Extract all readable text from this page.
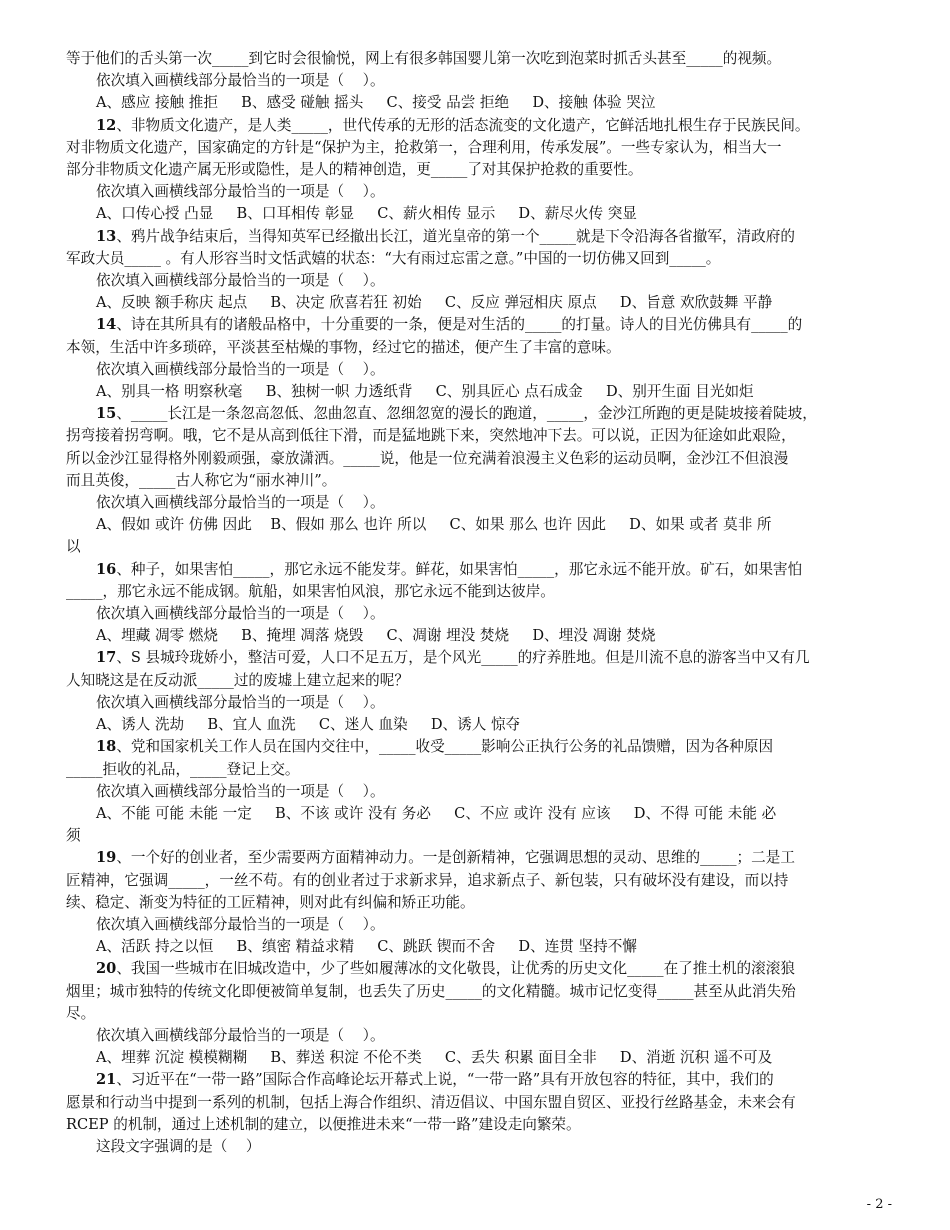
等于他们的舌头第一次_____到它时会很愉悦，网上有很多韩国婴儿第一次吃到泡菜时抓舌头甚至_____的视频。
依次填入画横线部分最恰当的一项是（    ）。
A、感应 接触 推拒     B、感受 碰触 摇头     C、接受 品尝 拒绝     D、接触 体验 哭泣
12、非物质文化遗产，是人类_____，世代传承的无形的活态流变的文化遗产，它鲜活地扎根生存于民族民间。
对非物质文化遗产，国家确定的方针是“保护为主，抢救第一，合理利用，传承发展”。一些专家认为，相当大一
部分非物质文化遗产属无形或隐性，是人的精神创造，更_____了对其保护抢救的重要性。
依次填入画横线部分最恰当的一项是（    ）。
A、口传心授 凸显     B、口耳相传 彰显     C、薪火相传 显示     D、薪尽火传 突显
13、鸦片战争结束后，当得知英军已经撤出长江，道光皇帝的第一个_____就是下令沿海各省撤军，清政府的
军政大员_____ 。有人形容当时文恬武嬉的状态：“大有雨过忘雷之意。”中国的一切仿佛又回到_____。
依次填入画横线部分最恰当的一项是（    ）。
A、反映 额手称庆 起点     B、决定 欣喜若狂 初始     C、反应 弹冠相庆 原点     D、旨意 欢欣鼓舞 平静
14、诗在其所具有的诸般品格中，十分重要的一条，便是对生活的_____的打量。诗人的目光仿佛具有_____的
本领，生活中许多琐碎，平淡甚至枯燥的事物，经过它的描述，便产生了丰富的意味。
依次填入画横线部分最恰当的一项是（    ）。
A、别具一格 明察秋毫     B、独树一帜 力透纸背     C、别具匠心 点石成金     D、别开生面 目光如炬
15、_____长江是一条忽高忽低、忽曲忽直、忽细忽宽的漫长的跑道，_____，金沙江所跑的更是陡坡接着陡坡，
拐弯接着拐弯啊。哦，它不是从高到低往下滑，而是猛地跳下来，突然地冲下去。可以说，正因为征途如此艰险，
所以金沙江显得格外刚毅顽强，豪放潇洒。_____说，他是一位充满着浪漫主义色彩的运动员啊，金沙江不但浪漫
而且英俊，_____古人称它为“丽水神川”。
依次填入画横线部分最恰当的一项是（    ）。
A、假如 或许 仿佛 因此    B、假如 那么 也许 所以     C、如果 那么 也许 因此     D、如果 或者 莫非 所
以
16、种子，如果害怕_____，那它永远不能发芽。鲜花，如果害怕_____，那它永远不能开放。矿石，如果害怕
_____，那它永远不能成钢。航船，如果害怕风浪，那它永远不能到达彼岸。
依次填入画横线部分最恰当的一项是（    ）。
A、埋藏 凋零 燃烧     B、掩埋 凋落 烧毁     C、凋谢 埋没 焚烧     D、埋没 凋谢 焚烧
17、S 县城玲珑娇小，整洁可爱，人口不足五万，是个风光_____的疗养胜地。但是川流不息的游客当中又有几
人知晓这是在反动派_____过的废墟上建立起来的呢？
依次填入画横线部分最恰当的一项是（    ）。
A、诱人 洗劫     B、宜人 血洗     C、迷人 血染     D、诱人 惊夺
18、党和国家机关工作人员在国内交往中，_____收受_____影响公正执行公务的礼品馈赠，因为各种原因
_____拒收的礼品，_____登记上交。
依次填入画横线部分最恰当的一项是（    ）。
A、不能 可能 未能 一定     B、不该 或许 没有 务必     C、不应 或许 没有 应该     D、不得 可能 未能 必
须
19、一个好的创业者，至少需要两方面精神动力。一是创新精神，它强调思想的灵动、思维的_____；二是工
匠精神，它强调_____，一丝不苟。有的创业者过于求新求异，追求新点子、新包装，只有破坏没有建设，而以持
续、稳定、渐变为特征的工匠精神，则对此有纠偏和矫正功能。
依次填入画横线部分最恰当的一项是（    ）。
A、活跃 持之以恒     B、缜密 精益求精     C、跳跃 锲而不舍     D、连贯 坚持不懈
20、我国一些城市在旧城改造中，少了些如履薄冰的文化敬畏，让优秀的历史文化_____在了推土机的滚滚狼
烟里；城市独特的传统文化即便被简单复制，也丢失了历史_____的文化精髓。城市记忆变得_____甚至从此消失殆
尽。
依次填入画横线部分最恰当的一项是（    ）。
A、埋葬 沉淀 模模糊糊     B、葬送 积淀 不伦不类     C、丢失 积累 面目全非     D、消逝 沉积 遥不可及
21、习近平在“一带一路”国际合作高峰论坛开幕式上说，“一带一路”具有开放包容的特征，其中，我们的
愿景和行动当中提到一系列的机制，包括上海合作组织、清迈倡议、中国东盟自贸区、亚投行丝路基金，未来会有
RCEP 的机制，通过上述机制的建立，以便推进未来“一带一路”建设走向繁荣。
这段文字强调的是（    ）
- 2 -
